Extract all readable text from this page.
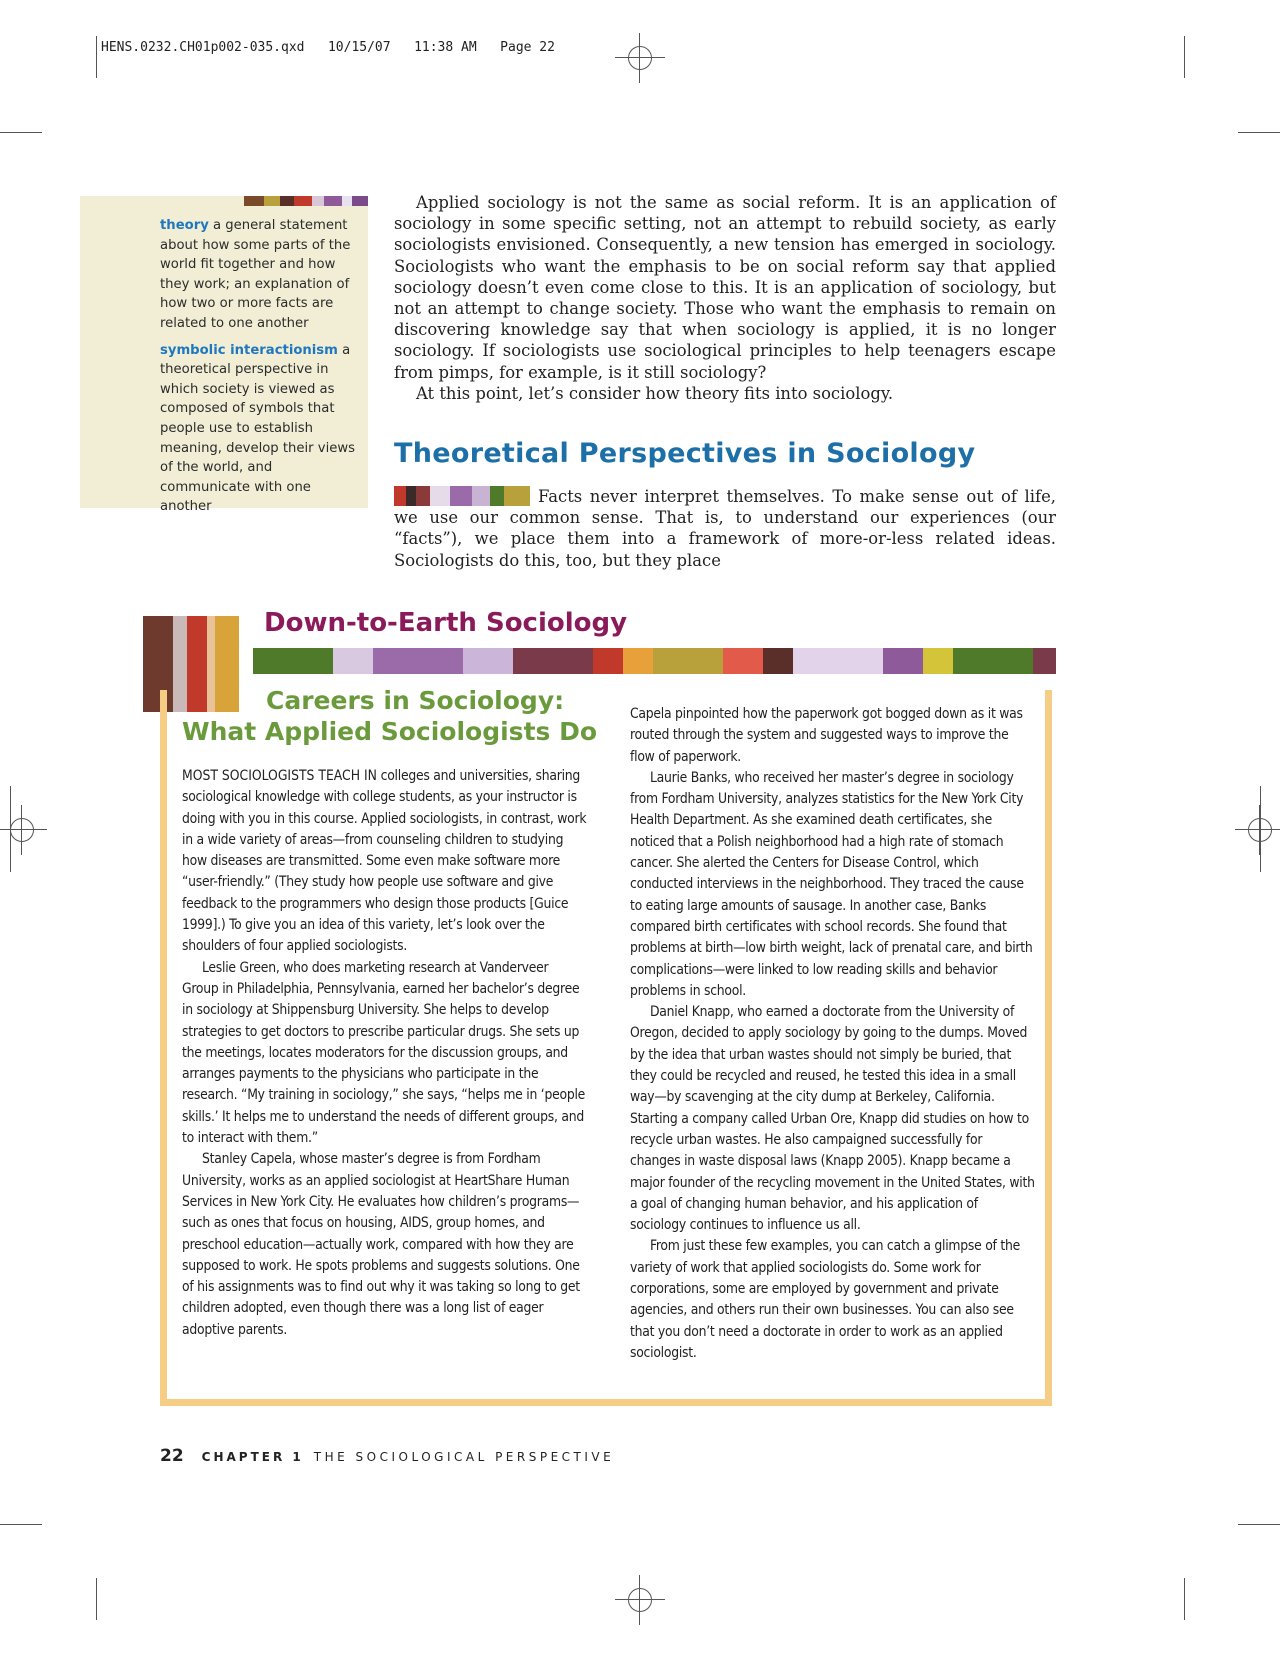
HENS.0232.CH01p002-035.qxd   10/15/07   11:38 AM   Page 22

theory a general statement about how some parts of the world fit together and how they work; an explanation of how two or more facts are related to one another

symbolic interactionism a theoretical perspective in which society is viewed as composed of symbols that people use to establish meaning, develop their views of the world, and communicate with one another

Applied sociology is not the same as social reform. It is an application of sociology in some specific setting, not an attempt to rebuild society, as early sociologists envisioned. Consequently, a new tension has emerged in sociology. Sociologists who want the emphasis to be on social reform say that applied sociology doesn’t even come close to this. It is an application of sociology, but not an attempt to change society. Those who want the emphasis to remain on discovering knowledge say that when sociology is applied, it is no longer sociology. If sociologists use sociological principles to help teenagers escape from pimps, for example, is it still sociology?

At this point, let’s consider how theory fits into sociology.

Theoretical Perspectives in Sociology
Facts never interpret themselves. To make sense out of life, we use our common sense. That is, to understand our experiences (our “facts”), we place them into a framework of more-or-less related ideas. Sociologists do this, too, but they place
Down-to-Earth Sociology
Careers in Sociology:
What Applied Sociologists Do

MOST SOCIOLOGISTS TEACH IN colleges and universities, sharing sociological knowledge with college students, as your instructor is doing with you in this course. Applied sociologists, in contrast, work in a wide variety of areas—from counseling children to studying how diseases are transmitted. Some even make software more “user-friendly.” (They study how people use software and give feedback to the programmers who design those products [Guice 1999].) To give you an idea of this variety, let’s look over the shoulders of four applied sociologists.

Leslie Green, who does marketing research at Vanderveer Group in Philadelphia, Pennsylvania, earned her bachelor’s degree in sociology at Shippensburg University. She helps to develop strategies to get doctors to prescribe particular drugs. She sets up the meetings, locates moderators for the discussion groups, and arranges payments to the physicians who participate in the research. “My training in sociology,” she says, “helps me in ‘people skills.’ It helps me to understand the needs of different groups, and to interact with them.”

Stanley Capela, whose master’s degree is from Fordham University, works as an applied sociologist at HeartShare Human Services in New York City. He evaluates how children’s programs—such as ones that focus on housing, AIDS, group homes, and preschool education—actually work, compared with how they are supposed to work. He spots problems and suggests solutions. One of his assignments was to find out why it was taking so long to get children adopted, even though there was a long list of eager adoptive parents.

Capela pinpointed how the paperwork got bogged down as it was routed through the system and suggested ways to improve the flow of paperwork.

Laurie Banks, who received her master’s degree in sociology from Fordham University, analyzes statistics for the New York City Health Department. As she examined death certificates, she noticed that a Polish neighborhood had a high rate of stomach cancer. She alerted the Centers for Disease Control, which conducted interviews in the neighborhood. They traced the cause to eating large amounts of sausage. In another case, Banks compared birth certificates with school records. She found that problems at birth—low birth weight, lack of prenatal care, and birth complications—were linked to low reading skills and behavior problems in school.

Daniel Knapp, who earned a doctorate from the University of Oregon, decided to apply sociology by going to the dumps. Moved by the idea that urban wastes should not simply be buried, that they could be recycled and reused, he tested this idea in a small way—by scavenging at the city dump at Berkeley, California. Starting a company called Urban Ore, Knapp did studies on how to recycle urban wastes. He also campaigned successfully for changes in waste disposal laws (Knapp 2005). Knapp became a major founder of the recycling movement in the United States, with a goal of changing human behavior, and his application of sociology continues to influence us all.

From just these few examples, you can catch a glimpse of the variety of work that applied sociologists do. Some work for corporations, some are employed by government and private agencies, and others run their own businesses. You can also see that you don’t need a doctorate in order to work as an applied sociologist.

22 CHAPTER 1 THE SOCIOLOGICAL PERSPECTIVE
